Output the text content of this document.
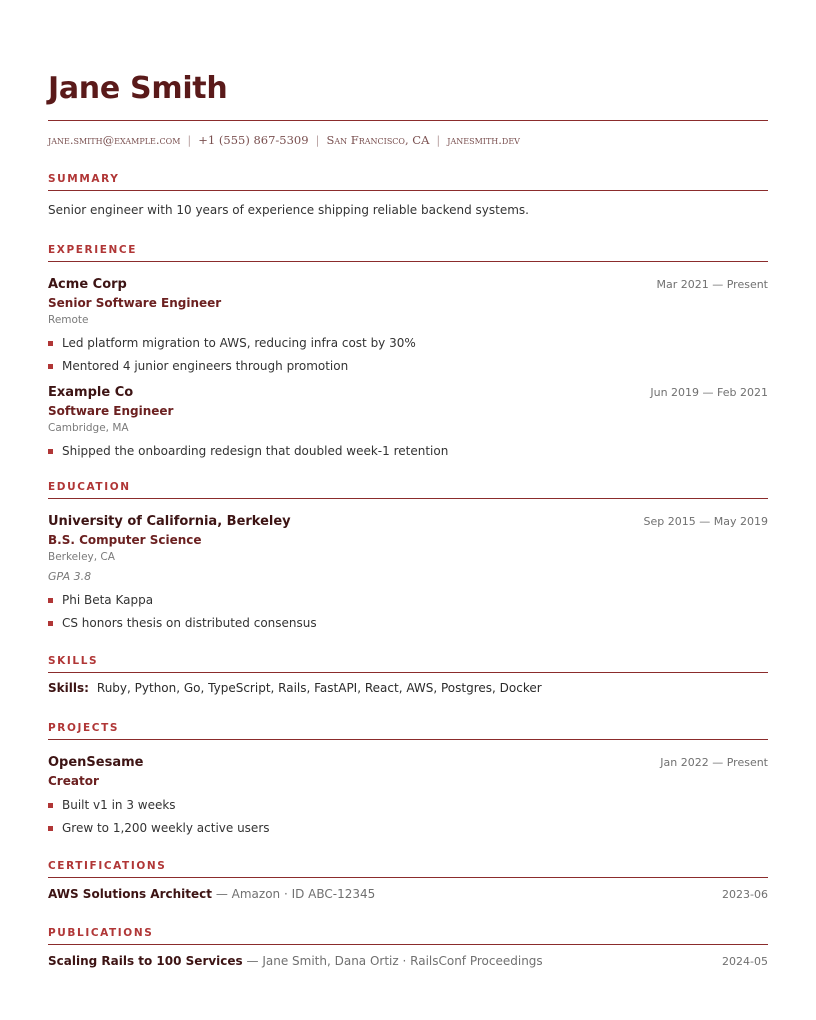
Jane Smith
jane.smith@example.com | +1 (555) 867-5309 | San Francisco, CA | janesmith.dev
SUMMARY
Senior engineer with 10 years of experience shipping reliable backend systems.
EXPERIENCE
Acme Corp	Mar 2021 — Present
Senior Software Engineer
Remote
Led platform migration to AWS, reducing infra cost by 30%
Mentored 4 junior engineers through promotion
Example Co	Jun 2019 — Feb 2021
Software Engineer
Cambridge, MA
Shipped the onboarding redesign that doubled week-1 retention
EDUCATION
University of California, Berkeley	Sep 2015 — May 2019
B.S. Computer Science
Berkeley, CA
GPA 3.8
Phi Beta Kappa
CS honors thesis on distributed consensus
SKILLS
Skills: Ruby, Python, Go, TypeScript, Rails, FastAPI, React, AWS, Postgres, Docker
PROJECTS
OpenSesame	Jan 2022 — Present
Creator
Built v1 in 3 weeks
Grew to 1,200 weekly active users
CERTIFICATIONS
AWS Solutions Architect — Amazon · ID ABC-12345	2023-06
PUBLICATIONS
Scaling Rails to 100 Services — Jane Smith, Dana Ortiz · RailsConf Proceedings	2024-05
